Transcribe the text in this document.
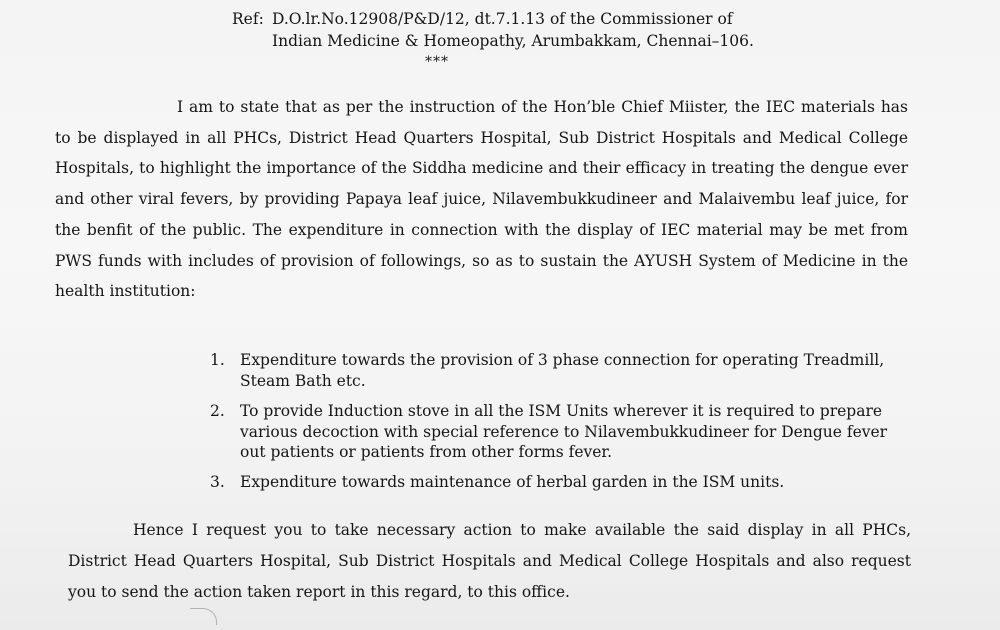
Ref: D.O.lr.No.12908/P&D/12, dt.7.1.13 of the Commissioner of
Indian Medicine & Homeopathy, Arumbakkam, Chennai–106.
***

I am to state that as per the instruction of the Hon’ble Chief Miister, the IEC materials has to be displayed in all PHCs, District Head Quarters Hospital, Sub District Hospitals and Medical College Hospitals, to highlight the importance of the Siddha medicine and their efficacy in treating the dengue ever and other viral fevers, by providing Papaya leaf juice, Nilavembukkudineer and Malaivembu leaf juice, for the benfit of the public. The expenditure in connection with the display of IEC material may be met from PWS funds with includes of provision of followings, so as to sustain the AYUSH System of Medicine in the health institution:

1. Expenditure towards the provision of 3 phase connection for operating Treadmill, Steam Bath etc.
2. To provide Induction stove in all the ISM Units wherever it is required to prepare various decoction with special reference to Nilavembukkudineer for Dengue fever out patients or patients from other forms fever.
3. Expenditure towards maintenance of herbal garden in the ISM units.

Hence I request you to take necessary action to make available the said display in all PHCs, District Head Quarters Hospital, Sub District Hospitals and Medical College Hospitals and also request you to send the action taken report in this regard, to this office.
